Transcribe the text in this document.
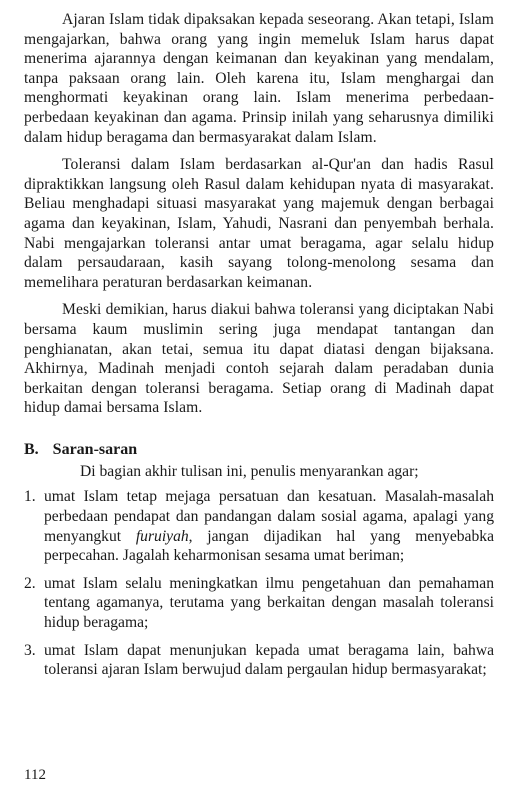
Ajaran Islam tidak dipaksakan kepada seseorang. Akan tetapi, Islam mengajarkan, bahwa orang yang ingin memeluk Islam harus dapat menerima ajarannya dengan keimanan dan keyakinan yang mendalam, tanpa paksaan orang lain. Oleh karena itu, Islam menghargai dan menghormati keyakinan orang lain. Islam menerima perbedaan-perbedaan keyakinan dan agama. Prinsip inilah yang seharusnya dimiliki dalam hidup beragama dan bermasyarakat dalam Islam.

Toleransi dalam Islam berdasarkan al-Qur'an dan hadis Rasul dipraktikkan langsung oleh Rasul dalam kehidupan nyata di masyarakat. Beliau menghadapi situasi masyarakat yang majemuk dengan berbagai agama dan keyakinan, Islam, Yahudi, Nasrani dan penyembah berhala. Nabi mengajarkan toleransi antar umat beragama, agar selalu hidup dalam persaudaraan, kasih sayang tolong-menolong sesama dan memelihara peraturan berdasarkan keimanan.

Meski demikian, harus diakui bahwa toleransi yang diciptakan Nabi bersama kaum muslimin sering juga mendapat tantangan dan penghianatan, akan tetai, semua itu dapat diatasi dengan bijaksana. Akhirnya, Madinah menjadi contoh sejarah dalam peradaban dunia berkaitan dengan toleransi beragama. Setiap orang di Madinah dapat hidup damai bersama Islam.

B. Saran-saran

Di bagian akhir tulisan ini, penulis menyarankan agar;

1. umat Islam tetap mejaga persatuan dan kesatuan. Masalah-masalah perbedaan pendapat dan pandangan dalam sosial agama, apalagi yang menyangkut furuiyah, jangan dijadikan hal yang menyebabka perpecahan. Jagalah keharmonisan sesama umat beriman;
2. umat Islam selalu meningkatkan ilmu pengetahuan dan pemahaman tentang agamanya, terutama yang berkaitan dengan masalah toleransi hidup beragama;
3. umat Islam dapat menunjukan kepada umat beragama lain, bahwa toleransi ajaran Islam berwujud dalam pergaulan hidup bermasyarakat;
112
